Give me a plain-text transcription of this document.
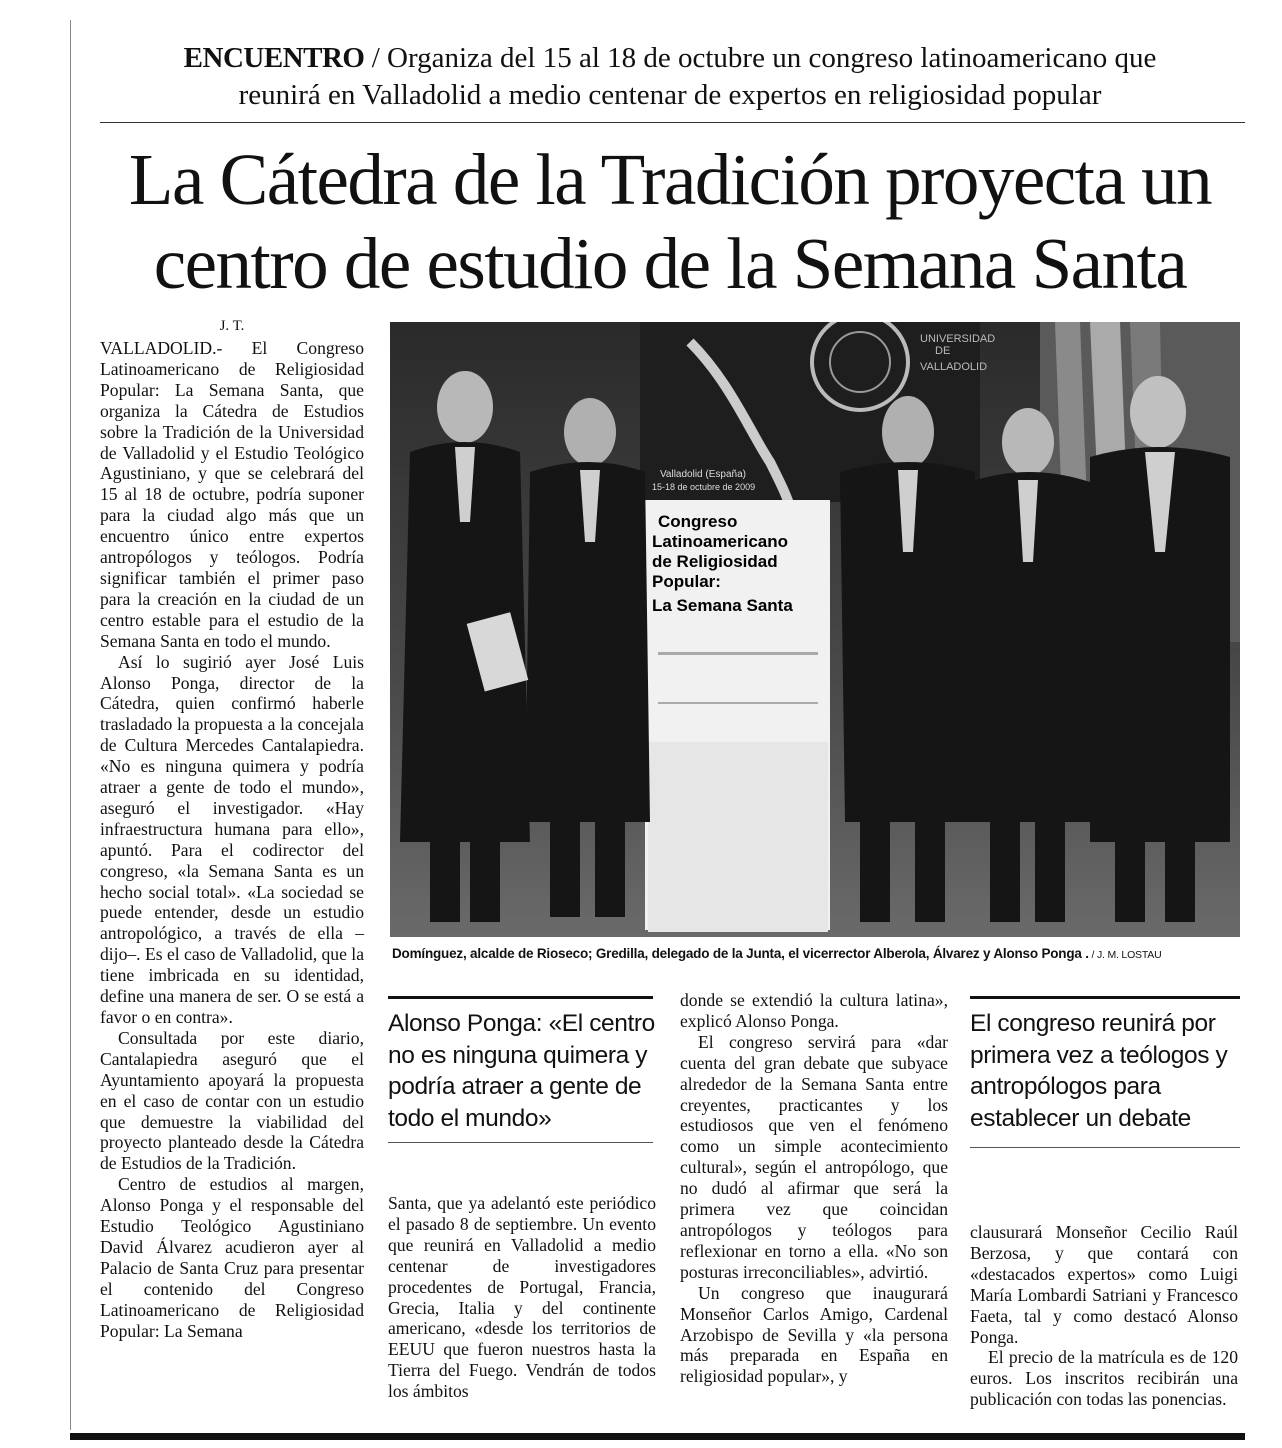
ENCUENTRO / Organiza del 15 al 18 de octubre un congreso latinoamericano que
reunirá en Valladolid a medio centenar de expertos en religiosidad popular
La Cátedra de la Tradición proyecta un
centro de estudio de la Semana Santa
J. T.

VALLADOLID.- El Congreso Latinoamericano de Religiosidad Popular: La Semana Santa, que organiza la Cátedra de Estudios sobre la Tradición de la Universidad de Valladolid y el Estudio Teológico Agustiniano, y que se celebrará del 15 al 18 de octubre, podría suponer para la ciudad algo más que un encuentro único entre expertos antropólogos y teólogos. Podría significar también el primer paso para la creación en la ciudad de un centro estable para el estudio de la Semana Santa en todo el mundo.

Así lo sugirió ayer José Luis Alonso Ponga, director de la Cátedra, quien confirmó haberle trasladado la propuesta a la concejala de Cultura Mercedes Cantalapiedra. «No es ninguna quimera y podría atraer a gente de todo el mundo», aseguró el investigador. «Hay infraestructura humana para ello», apuntó. Para el codirector del congreso, «la Semana Santa es un hecho social total». «La sociedad se puede entender, desde un estudio antropológico, a través de ella –dijo–. Es el caso de Valladolid, que la tiene imbricada en su identidad, define una manera de ser. O se está a favor o en contra».

Consultada por este diario, Cantalapiedra aseguró que el Ayuntamiento apoyará la propuesta en el caso de contar con un estudio que demuestre la viabilidad del proyecto planteado desde la Cátedra de Estudios de la Tradición.

Centro de estudios al margen, Alonso Ponga y el responsable del Estudio Teológico Agustiniano David Álvarez acudieron ayer al Palacio de Santa Cruz para presentar el contenido del Congreso Latinoamericano de Religiosidad Popular: La Semana

UNIVERSIDAD
DE
VALLADOLID
Valladolid (España)
15-18 de octubre de 2009
Congreso
Latinoamericano
de Religiosidad
Popular:
La Semana Santa
Domínguez, alcalde de Rioseco; Gredilla, delegado de la Junta, el vicerrector Alberola, Álvarez y Alonso Ponga . / J. M. LOSTAU
Alonso Ponga: «El centro no es ninguna quimera y podría atraer a gente de todo el mundo»
El congreso reunirá por primera vez a teólogos y antropólogos para establecer un debate

Santa, que ya adelantó este periódico el pasado 8 de septiembre. Un evento que reunirá en Valladolid a medio centenar de investigadores procedentes de Portugal, Francia, Grecia, Italia y del continente americano, «desde los territorios de EEUU que fueron nuestros hasta la Tierra del Fuego. Vendrán de todos los ámbitos

donde se extendió la cultura latina», explicó Alonso Ponga.

El congreso servirá para «dar cuenta del gran debate que subyace alrededor de la Semana Santa entre creyentes, practicantes y los estudiosos que ven el fenómeno como un simple acontecimiento cultural», según el antropólogo, que no dudó al afirmar que será la primera vez que coincidan antropólogos y teólogos para reflexionar en torno a ella. «No son posturas irreconciliables», advirtió.

Un congreso que inaugurará Monseñor Carlos Amigo, Cardenal Arzobispo de Sevilla y «la persona más preparada en España en religiosidad popular», y

clausurará Monseñor Cecilio Raúl Berzosa, y que contará con «destacados expertos» como Luigi María Lombardi Satriani y Francesco Faeta, tal y como destacó Alonso Ponga.

El precio de la matrícula es de 120 euros. Los inscritos recibirán una publicación con todas las ponencias.
